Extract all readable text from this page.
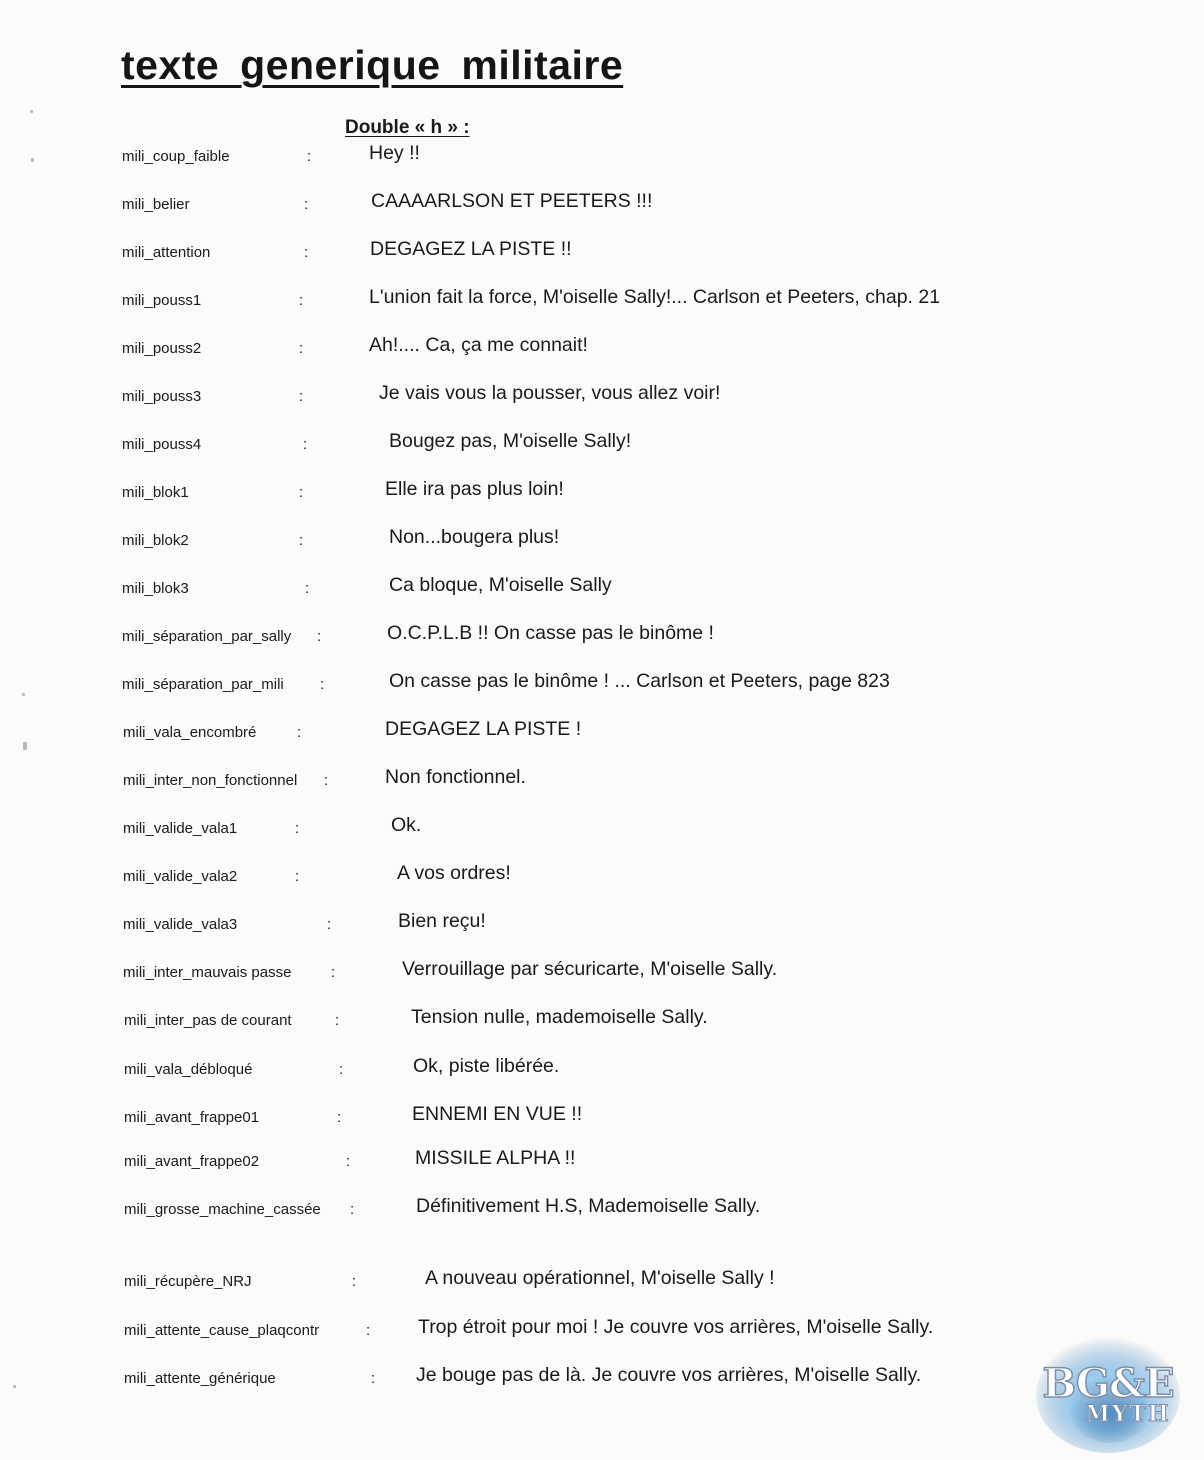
texte generique militaire
Double « h » :
mili_coup_faible	:	Hey !!
mili_belier	:	CAAAARLSON ET PEETERS !!!
mili_attention	:	DEGAGEZ LA PISTE !!
mili_pouss1	:	L'union fait la force, M'oiselle Sally!... Carlson et Peeters, chap. 21
mili_pouss2	:	Ah!.... Ca, ça me connait!
mili_pouss3	:	Je vais vous la pousser, vous allez voir!
mili_pouss4	:	Bougez pas, M'oiselle Sally!
mili_blok1	:	Elle ira pas plus loin!
mili_blok2	:	Non...bougera plus!
mili_blok3	:	Ca bloque, M'oiselle Sally
mili_séparation_par_sally :	O.C.P.L.B !! On casse pas le binôme !
mili_séparation_par_mili :	On casse pas le binôme ! ... Carlson et Peeters, page 823
mili_vala_encombré	:	DEGAGEZ LA PISTE !
mili_inter_non_fonctionnel :	Non fonctionnel.
mili_valide_vala1	:	Ok.
mili_valide_vala2	:	A vos ordres!
mili_valide_vala3	:	Bien reçu!
mili_inter_mauvais passe	:	Verrouillage par sécuricarte, M'oiselle Sally.
mili_inter_pas de courant	:	Tension nulle, mademoiselle Sally.
mili_vala_débloqué	:	Ok, piste libérée.
mili_avant_frappe01	:	ENNEMI EN VUE !!
mili_avant_frappe02	:	MISSILE ALPHA !!
mili_grosse_machine_cassée :	Définitivement H.S, Mademoiselle Sally.
mili_récupère_NRJ	:	A nouveau opérationnel, M'oiselle Sally !
mili_attente_cause_plaqcontr	: Trop étroit pour moi ! Je couvre vos arrières, M'oiselle Sally.
mili_attente_générique	: Je bouge pas de là. Je couvre vos arrières, M'oiselle Sally.	BG&E
MYTH
